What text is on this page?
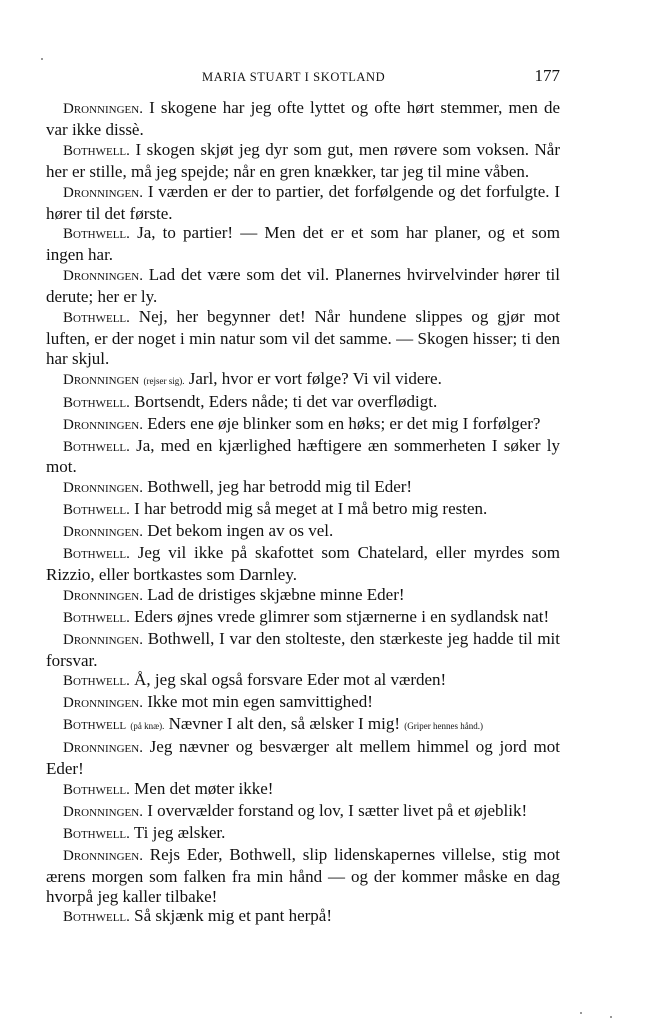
MARIA STUART I SKOTLAND	177
Dronningen. I skogene har jeg ofte lyttet og ofte hørt stemmer, men de var ikke dissè.
Bothwell. I skogen skjøt jeg dyr som gut, men røvere som voksen. Når her er stille, må jeg spejde; når en gren knækker, tar jeg til mine våben.
Dronningen. I værden er der to partier, det forfølgende og det forfulgte. I hører til det første.
Bothwell. Ja, to partier! — Men det er et som har planer, og et som ingen har.
Dronningen. Lad det være som det vil. Planernes hvirvelvinder hører til derute; her er ly.
Bothwell. Nej, her begynner det! Når hundene slippes og gjør mot luften, er der noget i min natur som vil det samme. — Skogen hisser; ti den har skjul.
Dronningen (rejser sig). Jarl, hvor er vort følge? Vi vil videre.
Bothwell. Bortsendt, Eders nåde; ti det var overflødigt.
Dronningen. Eders ene øje blinker som en høks; er det mig I forfølger?
Bothwell. Ja, med en kjærlighed hæftigere æn sommerheten I søker ly mot.
Dronningen. Bothwell, jeg har betrodd mig til Eder!
Bothwell. I har betrodd mig så meget at I må betro mig resten.
Dronningen. Det bekom ingen av os vel.
Bothwell. Jeg vil ikke på skafottet som Chatelard, eller myrdes som Rizzio, eller bortkastes som Darnley.
Dronningen. Lad de dristiges skjæbne minne Eder!
Bothwell. Eders øjnes vrede glimrer som stjærnerne i en sydlandsk nat!
Dronningen. Bothwell, I var den stolteste, den stærkeste jeg hadde til mit forsvar.
Bothwell. Å, jeg skal også forsvare Eder mot al værden!
Dronningen. Ikke mot min egen samvittighed!
Bothwell (på knæ). Nævner I alt den, så ælsker I mig! (Griper hennes hånd.)
Dronningen. Jeg nævner og besværger alt mellem himmel og jord mot Eder!
Bothwell. Men det møter ikke!
Dronningen. I overvælder forstand og lov, I sætter livet på et øjeblik!
Bothwell. Ti jeg ælsker.
Dronningen. Rejs Eder, Bothwell, slip lidenskapernes villelse, stig mot ærens morgen som falken fra min hånd — og der kommer måske en dag hvorpå jeg kaller tilbake!
Bothwell. Så skjænk mig et pant herpå!
